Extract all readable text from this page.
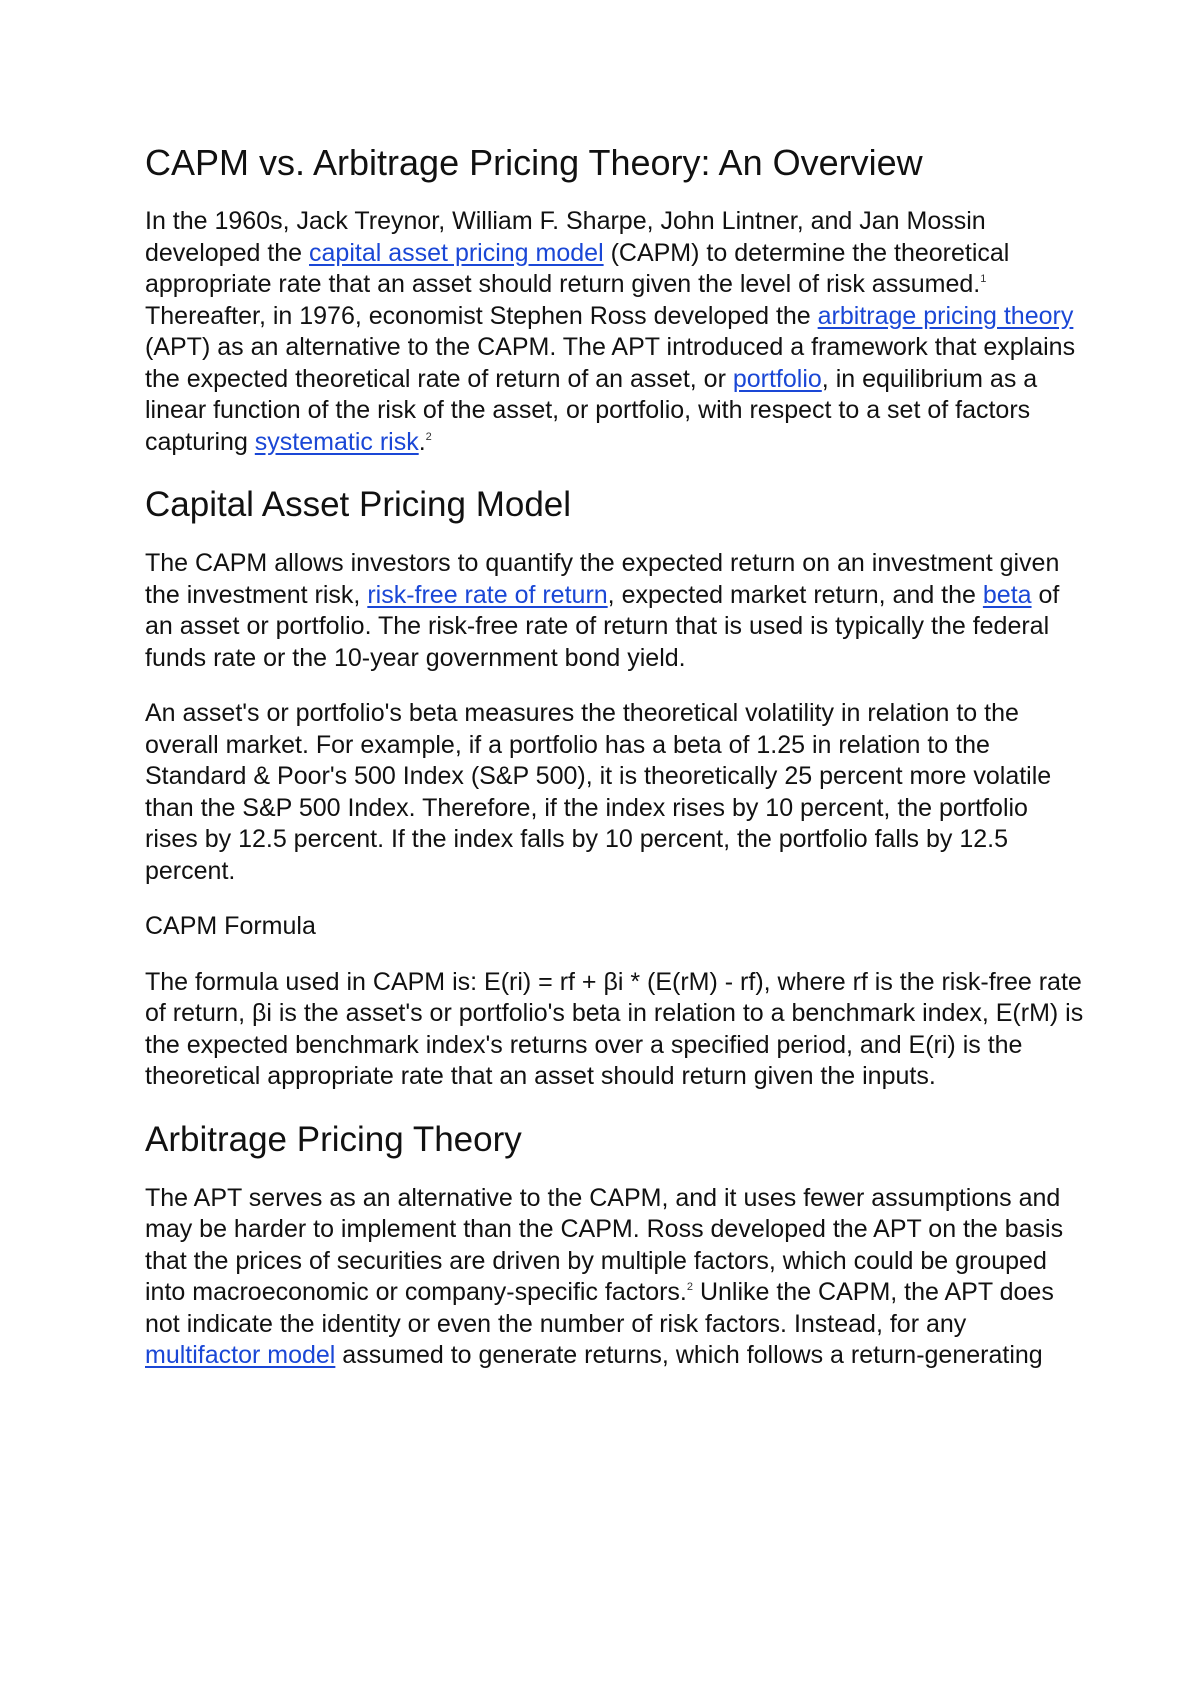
CAPM vs. Arbitrage Pricing Theory: An Overview

In the 1960s, Jack Treynor, William F. Sharpe, John Lintner, and Jan Mossin developed the capital asset pricing model (CAPM) to determine the theoretical appropriate rate that an asset should return given the level of risk assumed.$^1$ Thereafter, in 1976, economist Stephen Ross developed the arbitrage pricing theory (APT) as an alternative to the CAPM. The APT introduced a framework that explains the expected theoretical rate of return of an asset, or portfolio, in equilibrium as a linear function of the risk of the asset, or portfolio, with respect to a set of factors capturing systematic risk.$^2$

Capital Asset Pricing Model

The CAPM allows investors to quantify the expected return on an investment given the investment risk, risk-free rate of return, expected market return, and the beta of an asset or portfolio. The risk-free rate of return that is used is typically the federal funds rate or the 10-year government bond yield.

An asset's or portfolio's beta measures the theoretical volatility in relation to the overall market. For example, if a portfolio has a beta of 1.25 in relation to the Standard & Poor's 500 Index (S&P 500), it is theoretically 25 percent more volatile than the S&P 500 Index. Therefore, if the index rises by 10 percent, the portfolio rises by 12.5 percent. If the index falls by 10 percent, the portfolio falls by 12.5 percent.

CAPM Formula

The formula used in CAPM is: E(ri) = rf + βi * (E(rM) - rf), where rf is the risk-free rate of return, βi is the asset's or portfolio's beta in relation to a benchmark index, E(rM) is the expected benchmark index's returns over a specified period, and E(ri) is the theoretical appropriate rate that an asset should return given the inputs.

Arbitrage Pricing Theory

The APT serves as an alternative to the CAPM, and it uses fewer assumptions and may be harder to implement than the CAPM. Ross developed the APT on the basis that the prices of securities are driven by multiple factors, which could be grouped into macroeconomic or company-specific factors.$^2$ Unlike the CAPM, the APT does not indicate the identity or even the number of risk factors. Instead, for any multifactor model assumed to generate returns, which follows a return-generating
